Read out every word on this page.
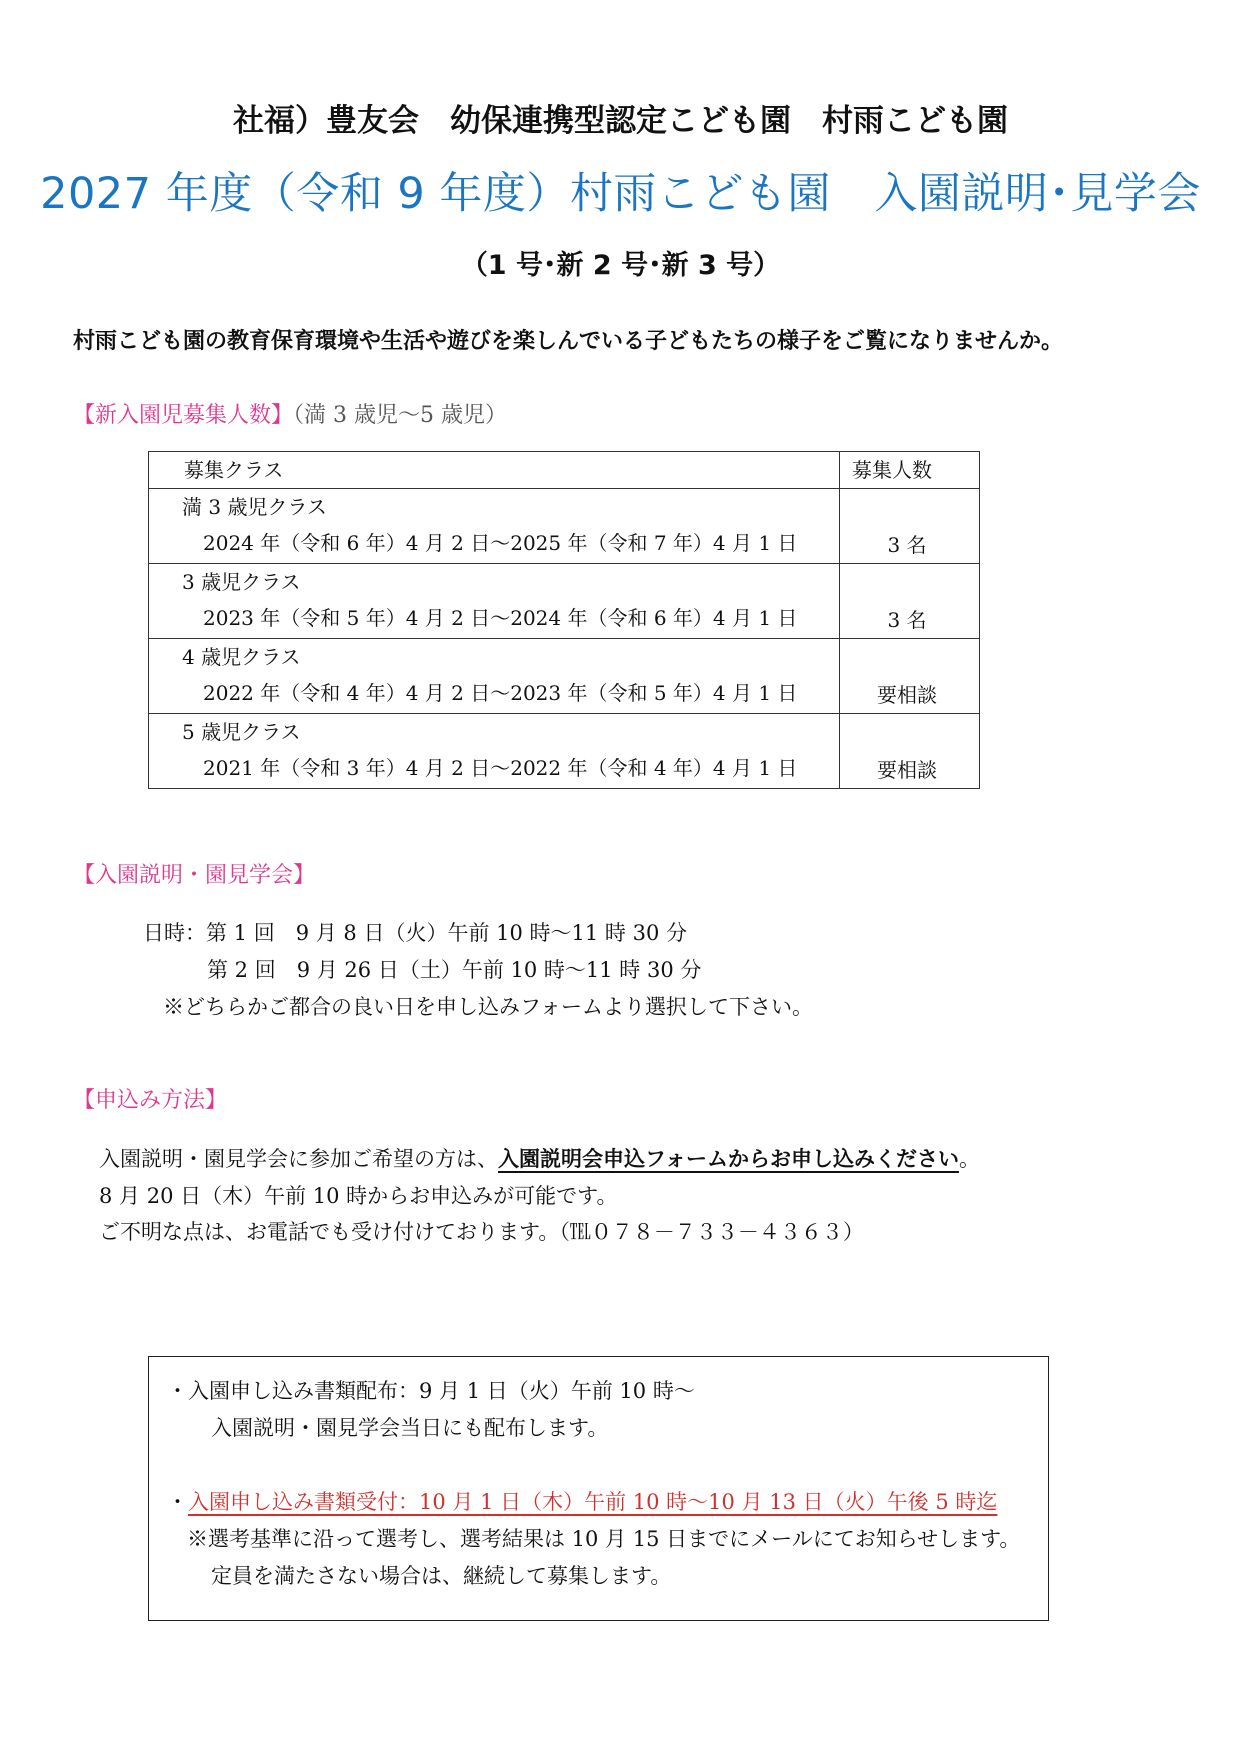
社福）豊友会　幼保連携型認定こども園　村雨こども園
2027 年度（令和 9 年度）村雨こども園　入園説明･見学会
（1 号･新 2 号･新 3 号）
村雨こども園の教育保育環境や生活や遊びを楽しんでいる子どもたちの様子をご覧になりませんか。
【新入園児募集人数】（満 3 歳児～5 歳児）
募集クラス	募集人数

満 3 歳児クラス
2024 年（令和 6 年）4 月 2 日～2025 年（令和 7 年）4 月 1 日	3 名

3 歳児クラス
2023 年（令和 5 年）4 月 2 日～2024 年（令和 6 年）4 月 1 日	3 名

4 歳児クラス
2022 年（令和 4 年）4 月 2 日～2023 年（令和 5 年）4 月 1 日	要相談

5 歳児クラス
2021 年（令和 3 年）4 月 2 日～2022 年（令和 4 年）4 月 1 日	要相談
【入園説明・園見学会】
日時：第 1 回　9 月 8 日（火）午前 10 時～11 時 30 分
第 2 回　9 月 26 日（土）午前 10 時～11 時 30 分
※どちらかご都合の良い日を申し込みフォームより選択して下さい。
【申込み方法】
入園説明・園見学会に参加ご希望の方は、入園説明会申込フォームからお申し込みください。
8 月 20 日（木）午前 10 時からお申込みが可能です。
ご不明な点は、お電話でも受け付けております。（℡０７８－７３３－４３６３）
・入園申し込み書類配布：9 月 1 日（火）午前 10 時～
入園説明・園見学会当日にも配布します。
・入園申し込み書類受付：10 月 1 日（木）午前 10 時～10 月 13 日（火）午後 5 時迄
※選考基準に沿って選考し、選考結果は 10 月 15 日までにメールにてお知らせします。
定員を満たさない場合は、継続して募集します。
